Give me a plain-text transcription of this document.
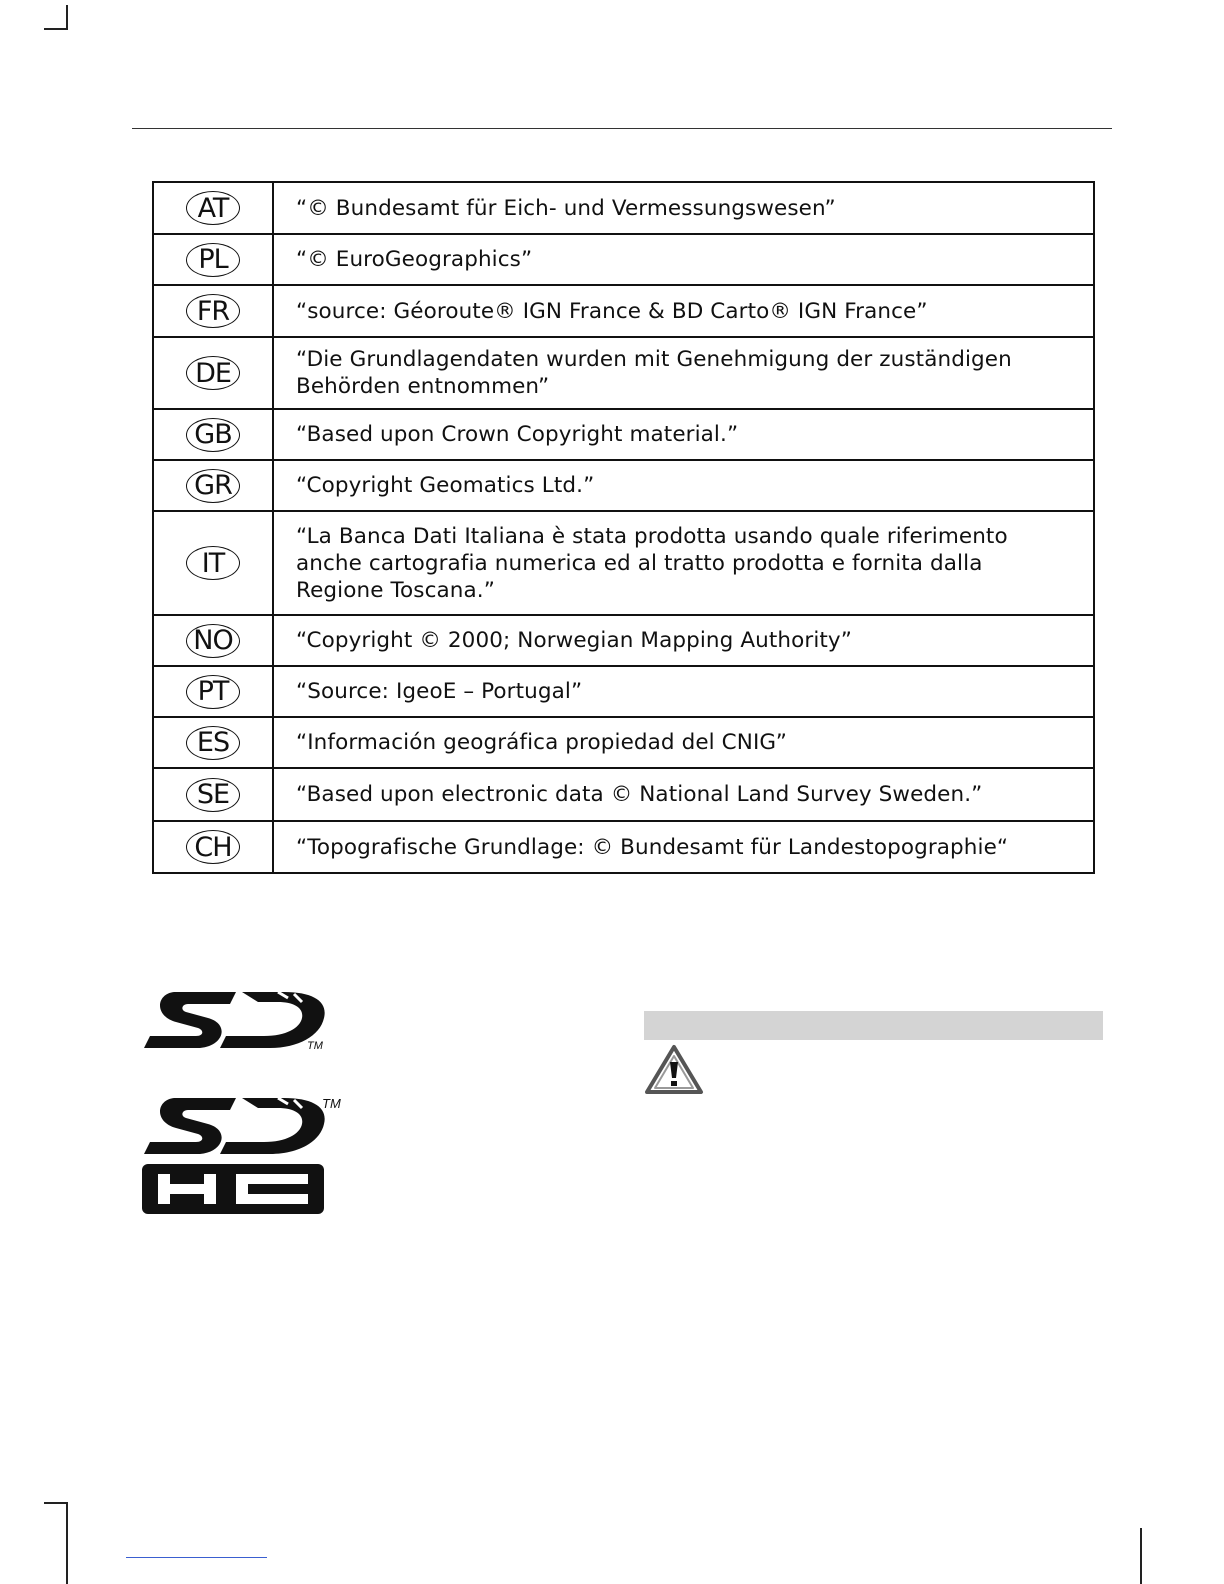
AT	“© Bundesamt für Eich- und Vermessungswesen”
PL	“© EuroGeographics”
FR	“source: Géoroute® IGN France & BD Carto® IGN France”
DE	“Die Grundlagendaten wurden mit Genehmigung der zuständigen Behörden entnommen”
GB	“Based upon Crown Copyright material.”
GR	“Copyright Geomatics Ltd.”
IT	“La Banca Dati Italiana è stata prodotta usando quale riferimento anche cartografia numerica ed al tratto prodotta e fornita dalla Regione Toscana.”
NO	“Copyright © 2000; Norwegian Mapping Authority”
PT	“Source: IgeoE – Portugal”
ES	“Información geográfica propiedad del CNIG”
SE	“Based upon electronic data © National Land Survey Sweden.”
CH	“Topografische Grundlage: © Bundesamt für Landestopographie“
TM
TM
HC
